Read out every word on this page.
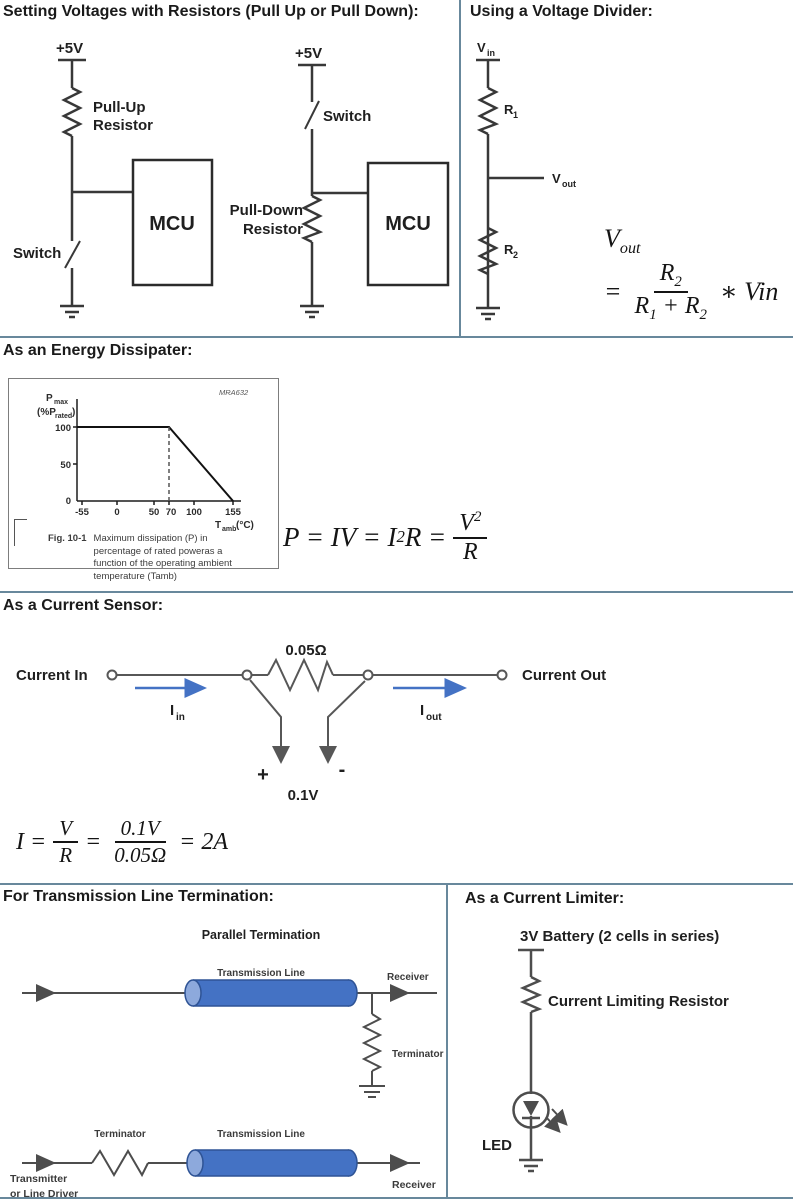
Setting Voltages with Resistors (Pull Up or Pull Down):
+5V
Pull-Up
Resistor
Switch
MCU
+5V
Switch
Pull-Down
Resistor	MCU
Using a Voltage Divider:
V in
R 1
V out
R 2
$V_{out}$
= $\frac{R_2}{R_1 + R_2}$ ∗ Vin
As an Energy Dissipater:
P max
(%P rated )
MRA632
100
50
0
-55	0	50 70 100 155
T amb (°C)
Fig. 10-1 Maximum dissipation (P) in percentage of rated poweras a function of the operating ambient temperature (Tamb)
P = IV = I 2 $R = \frac{V^2}{R}$
As a Current Sensor:
0.05Ω
Current In	Current Out
I in	I out
+	-
0.1V
$I = \frac{V}{R} = \frac{0.1V}{0.05\Omega} = 2A$
For Transmission Line Termination:
Parallel Termination
Transmission Line	Receiver
Terminator
Terminator	Transmission Line
Transmitter
or Line Driver
Receiver
As a Current Limiter:
3V Battery (2 cells in series)
Current Limiting Resistor
LED
